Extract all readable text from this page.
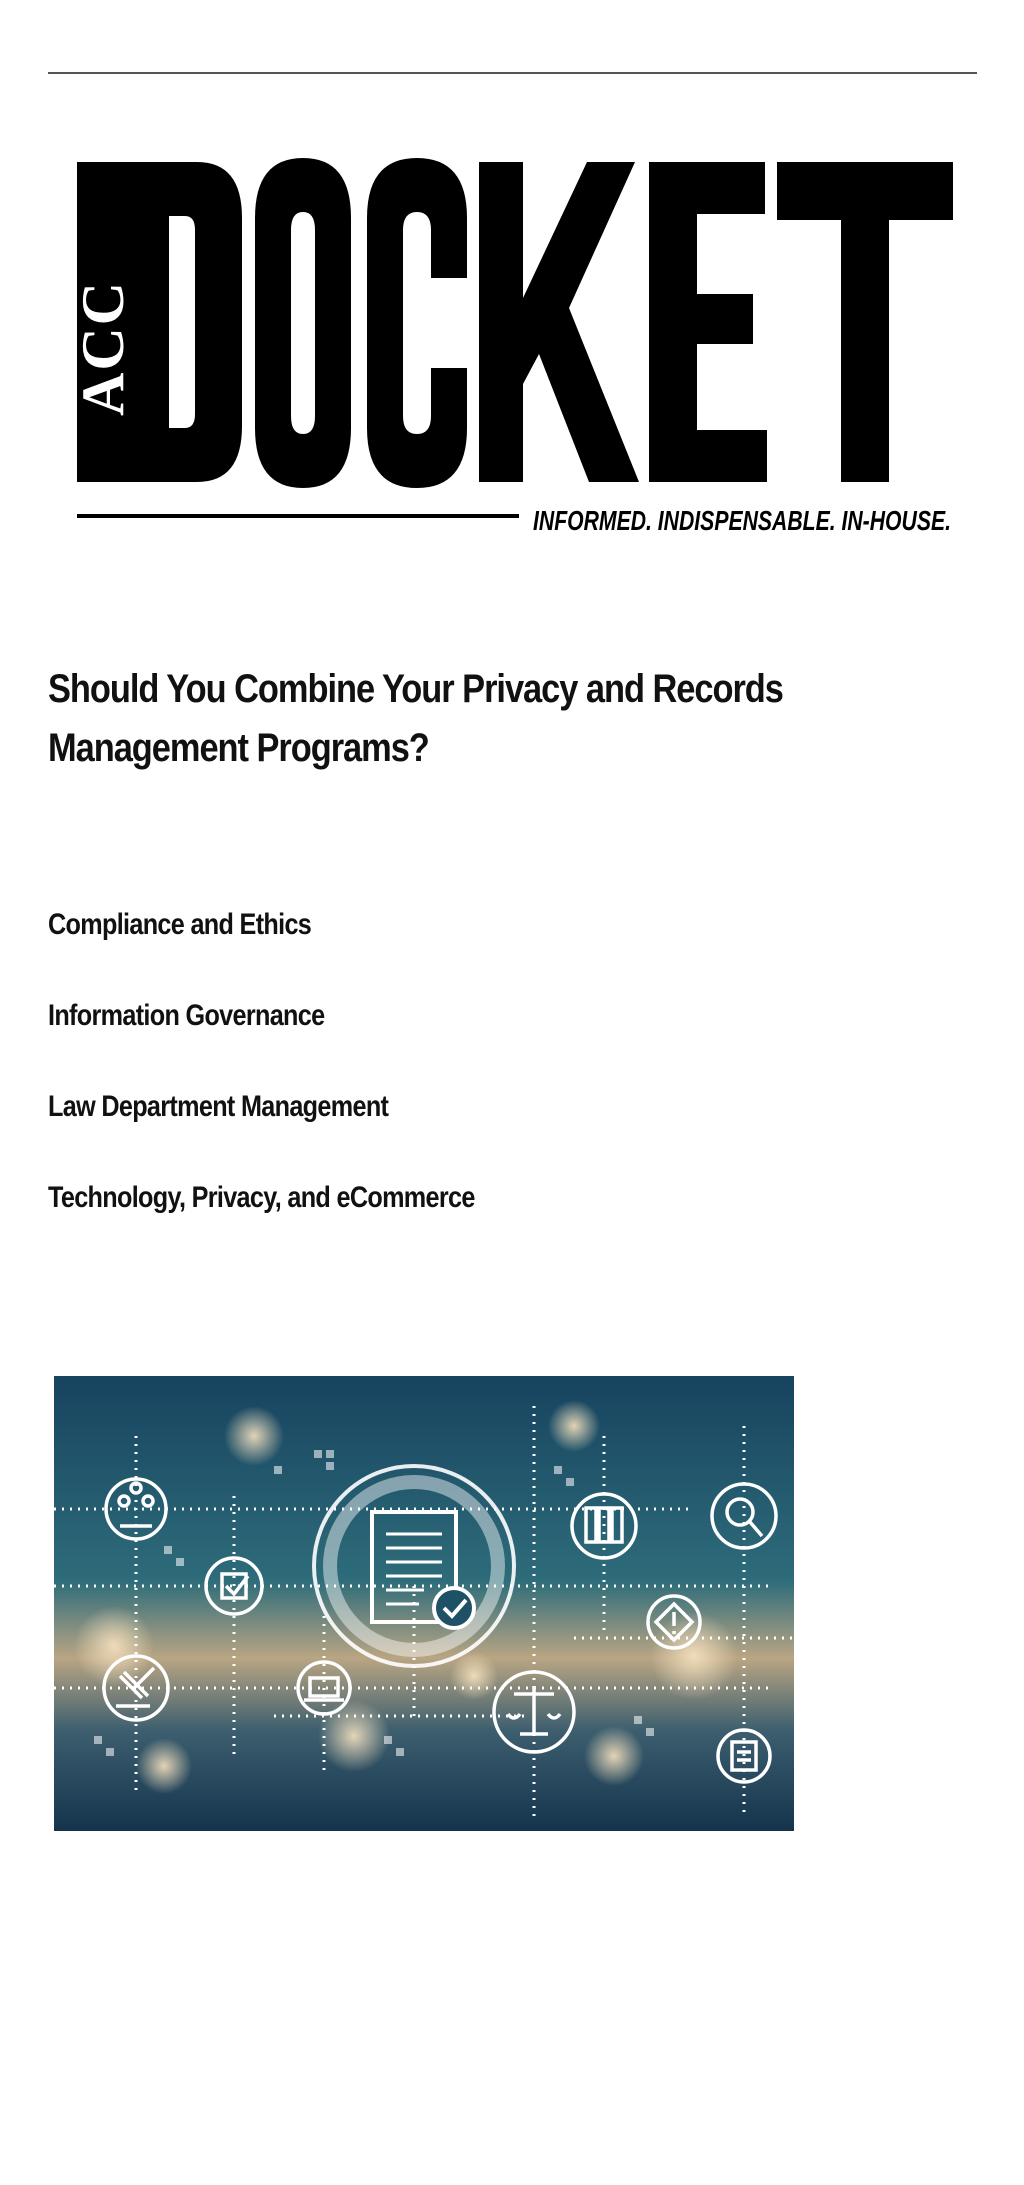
ACC
INFORMED. INDISPENSABLE. IN-HOUSE.
Should You Combine Your Privacy and Records Management Programs?
Compliance and Ethics
Information Governance
Law Department Management
Technology, Privacy, and eCommerce
